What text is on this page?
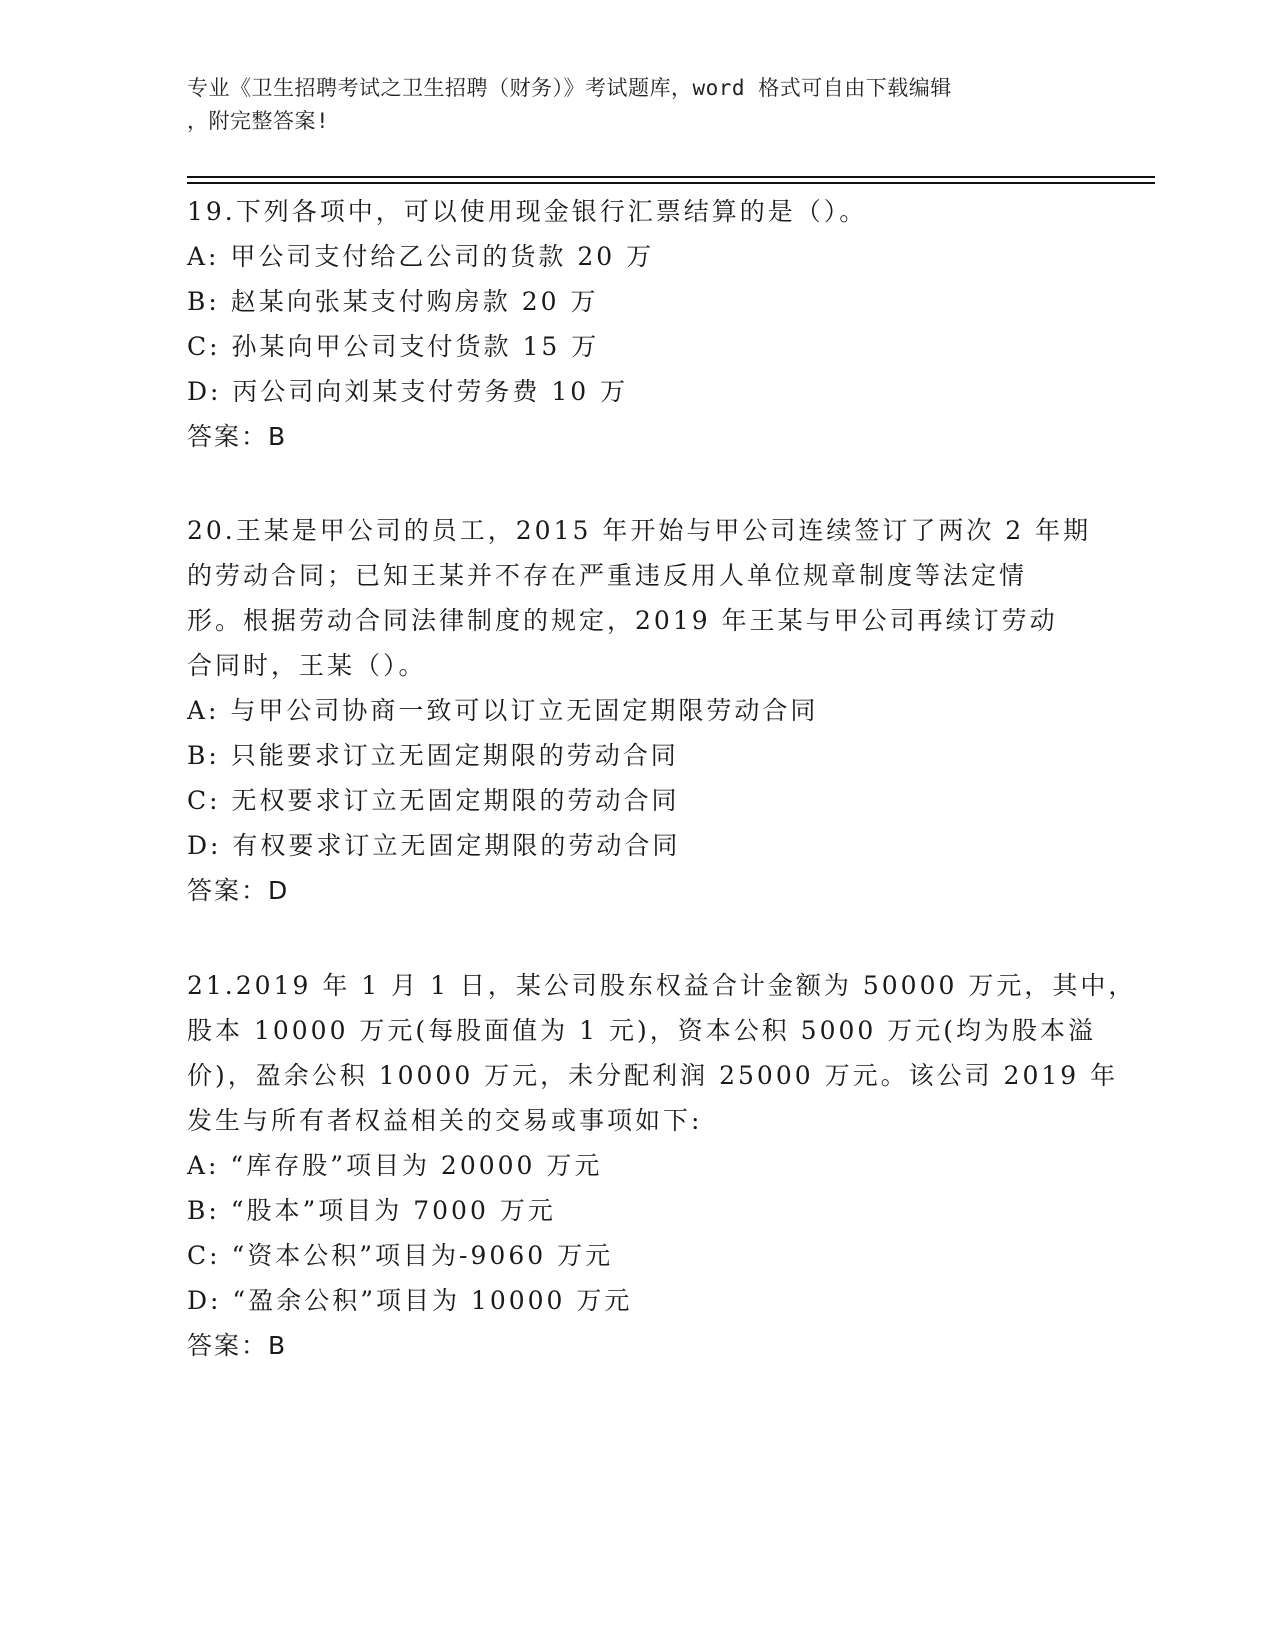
专业《卫生招聘考试之卫生招聘（财务）》考试题库，word 格式可自由下载编辑
，附完整答案!
19.下列各项中，可以使用现金银行汇票结算的是（）。
A: 甲公司支付给乙公司的货款 20 万
B: 赵某向张某支付购房款 20 万
C: 孙某向甲公司支付货款 15 万
D: 丙公司向刘某支付劳务费 10 万
答案：B
20.王某是甲公司的员工，2015 年开始与甲公司连续签订了两次 2 年期
的劳动合同；已知王某并不存在严重违反用人单位规章制度等法定情
形。根据劳动合同法律制度的规定，2019 年王某与甲公司再续订劳动
合同时，王某（）。
A: 与甲公司协商一致可以订立无固定期限劳动合同
B: 只能要求订立无固定期限的劳动合同
C: 无权要求订立无固定期限的劳动合同
D: 有权要求订立无固定期限的劳动合同
答案：D
21.2019 年 1 月 1 日，某公司股东权益合计金额为 50000 万元，其中，
股本 10000 万元(每股面值为 1 元)，资本公积 5000 万元(均为股本溢
价)，盈余公积 10000 万元，未分配利润 25000 万元。该公司 2019 年
发生与所有者权益相关的交易或事项如下:
A: “库存股”项目为 20000 万元
B: “股本”项目为 7000 万元
C: “资本公积”项目为-9060 万元
D: “盈余公积”项目为 10000 万元
答案：B
